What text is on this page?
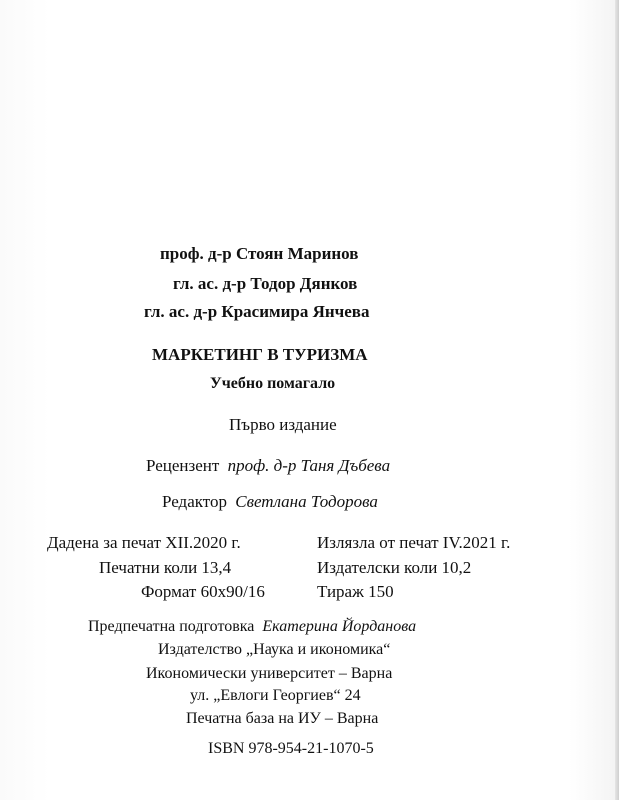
проф. д-р Стоян Маринов
гл. ас. д-р Тодор Дянков
гл. ас. д-р Красимира Янчева
МАРКЕТИНГ В ТУРИЗМА
Учебно помагало
Първо издание
Рецензент проф. д-р Таня Дъбева
Редактор Светлана Тодорова
Дадена за печат XII.2020 г.	Излязла от печат IV.2021 г.
Печатни коли 13,4	Издателски коли 10,2
Формат 60x90/16	Тираж 150
Предпечатна подготовка Екатерина Йорданова
Издателство „Наука и икономика“
Икономически университет – Варна
ул. „Евлоги Георгиев“ 24
Печатна база на ИУ – Варна
ISBN 978-954-21-1070-5
